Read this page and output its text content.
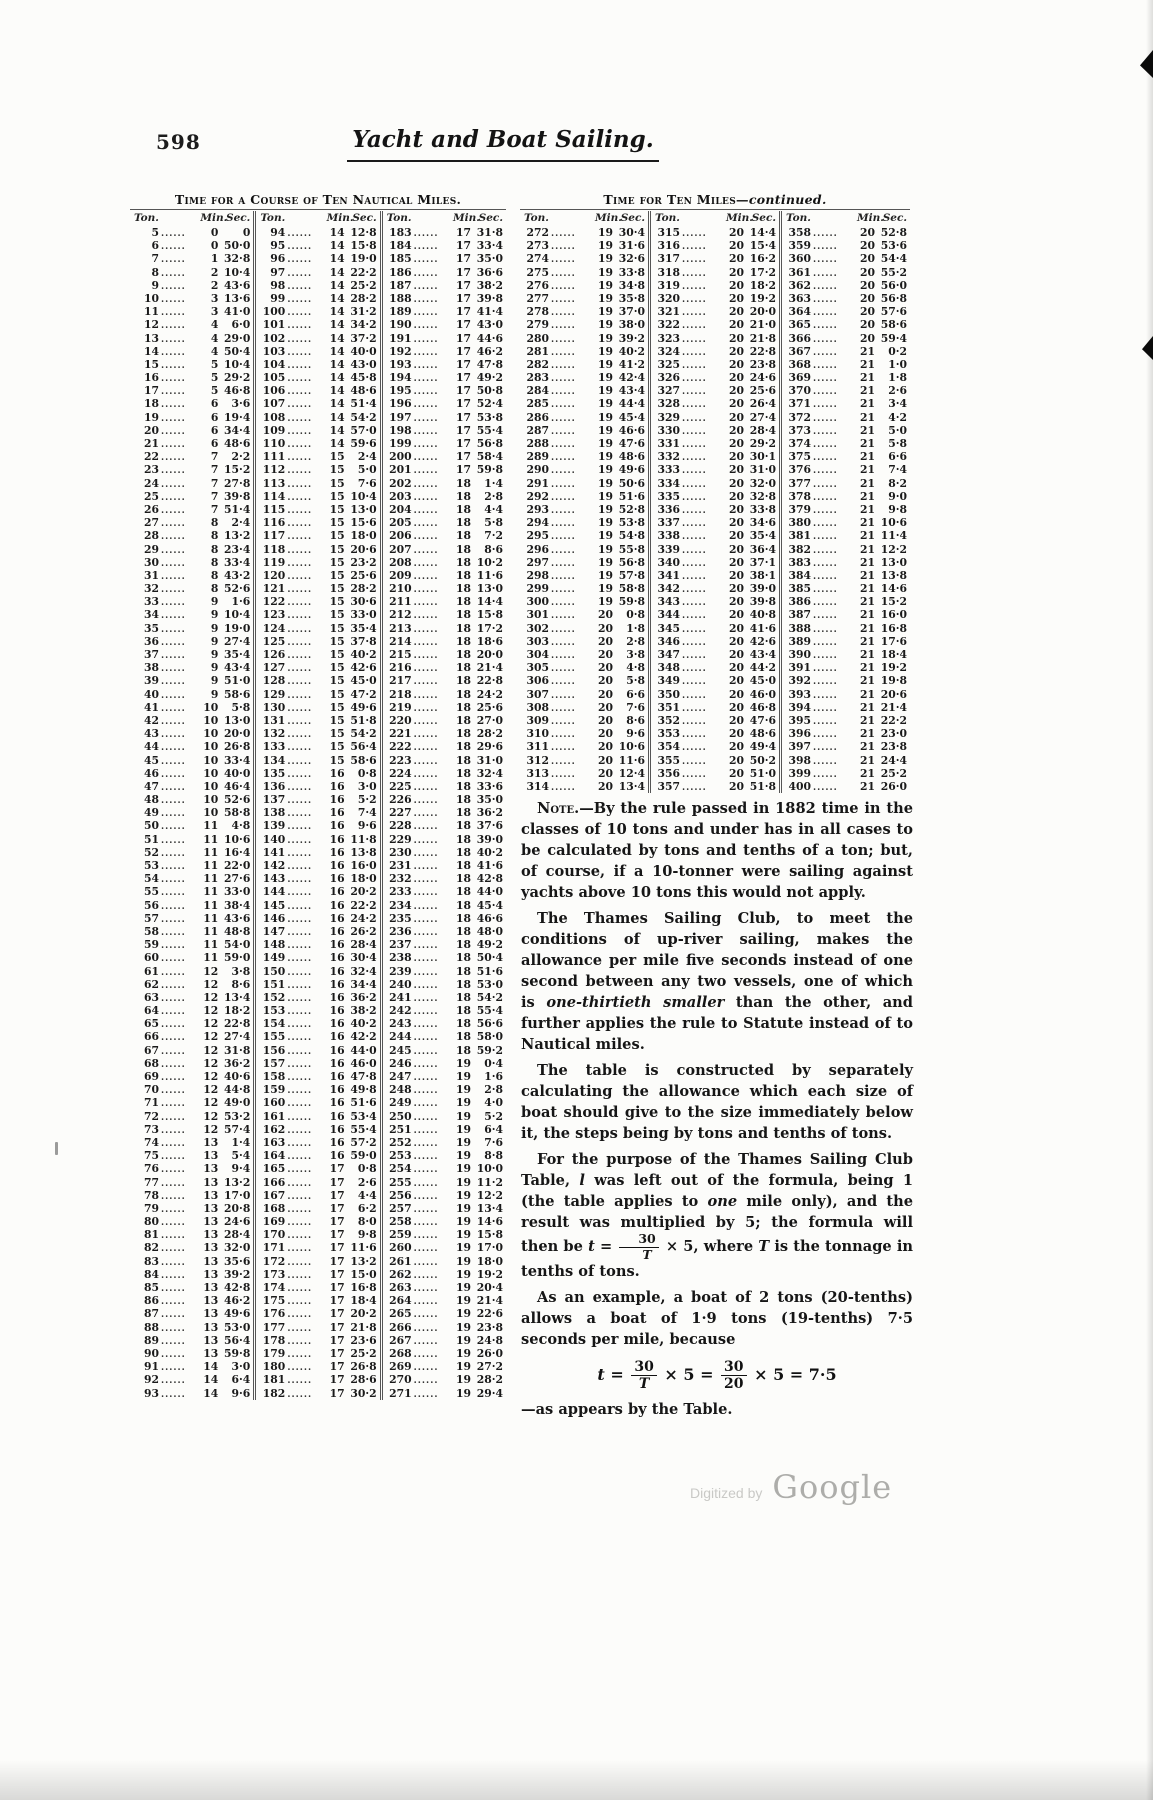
598	Yacht and Boat Sailing.
Time for a Course of Ten Nautical Miles.
Ton.	Min.
Sec.
5 ......	0	0
6 ......	0 50·0
7 ......	1 32·8
8 ......	2 10·4
9 ......	2 43·6
10 ......	3 13·6
11 ......	3 41·0
12 ......	4	6·0
13 ......	4 29·0
14 ......	4 50·4
15 ......	5 10·4
16 ......	5 29·2
17 ......	5 46·8
18 ......	6	3·6
19 ......	6 19·4
20 ......	6 34·4
21 ......	6 48·6
22 ......	7	2·2
23 ......	7 15·2
24 ......	7 27·8
25 ......	7 39·8
26 ......	7 51·4
27 ......	8	2·4
28 ......	8 13·2
29 ......	8 23·4
30 ......	8 33·4
31 ......	8 43·2
32 ......	8 52·6
33 ......	9	1·6
34 ......	9 10·4
35 ......	9 19·0
36 ......	9 27·4
37 ......	9 35·4
38 ......	9 43·4
39 ......	9 51·0
40 ......	9 58·6
41 ......	10	5·8
42 ......	10 13·0
43 ......	10 20·0
44 ......	10 26·8
45 ......	10 33·4
46 ......	10 40·0
47 ......	10 46·4
48 ......	10 52·6
49 ......	10 58·8
50 ......	11	4·8
51 ......	11 10·6
52 ......	11 16·4
53 ......	11 22·0
54 ......	11 27·6
55 ......	11 33·0
56 ......	11 38·4
57 ......	11 43·6
58 ......	11 48·8
59 ......	11 54·0
60 ......	11 59·0
61 ......	12	3·8
62 ......	12	8·6
63 ......	12 13·4
64 ......	12 18·2
65 ......	12 22·8
66 ......	12 27·4
67 ......	12 31·8
68 ......	12 36·2
69 ......	12 40·6
70 ......	12 44·8
71 ......	12 49·0
72 ......	12 53·2
73 ......	12 57·4
74 ......	13	1·4
75 ......	13	5·4
76 ......	13	9·4
77 ......	13 13·2
78 ......	13 17·0
79 ......	13 20·8
80 ......	13 24·6
81 ......	13 28·4
82 ......	13 32·0
83 ......	13 35·6
84 ......	13 39·2
85 ......	13 42·8
86 ......	13 46·2
87 ......	13 49·6
88 ......	13 53·0
89 ......	13 56·4
90 ......	13 59·8
91 ......	14	3·0
92 ......	14	6·4
93 ......	14	9·6
Ton.	Min.
Sec.
94 ......	14 12·8
95 ......	14 15·8
96 ......	14 19·0
97 ......	14 22·2
98 ......	14 25·2
99 ......	14 28·2
100 ......	14 31·2
101 ......	14 34·2
102 ......	14 37·2
103 ......	14 40·0
104 ......	14 43·0
105 ......	14 45·8
106 ......	14 48·6
107 ......	14 51·4
108 ......	14 54·2
109 ......	14 57·0
110 ......	14 59·6
111 ......	15	2·4
112 ......	15	5·0
113 ......	15	7·6
114 ......	15 10·4
115 ......	15 13·0
116 ......	15 15·6
117 ......	15 18·0
118 ......	15 20·6
119 ......	15 23·2
120 ......	15 25·6
121 ......	15 28·2
122 ......	15 30·6
123 ......	15 33·0
124 ......	15 35·4
125 ......	15 37·8
126 ......	15 40·2
127 ......	15 42·6
128 ......	15 45·0
129 ......	15 47·2
130 ......	15 49·6
131 ......	15 51·8
132 ......	15 54·2
133 ......	15 56·4
134 ......	15 58·6
135 ......	16	0·8
136 ......	16	3·0
137 ......	16	5·2
138 ......	16	7·4
139 ......	16	9·6
140 ......	16 11·8
141 ......	16 13·8
142 ......	16 16·0
143 ......	16 18·0
144 ......	16 20·2
145 ......	16 22·2
146 ......	16 24·2
147 ......	16 26·2
148 ......	16 28·4
149 ......	16 30·4
150 ......	16 32·4
151 ......	16 34·4
152 ......	16 36·2
153 ......	16 38·2
154 ......	16 40·2
155 ......	16 42·2
156 ......	16 44·0
157 ......	16 46·0
158 ......	16 47·8
159 ......	16 49·8
160 ......	16 51·6
161 ......	16 53·4
162 ......	16 55·4
163 ......	16 57·2
164 ......	16 59·0
165 ......	17	0·8
166 ......	17	2·6
167 ......	17	4·4
168 ......	17	6·2
169 ......	17	8·0
170 ......	17	9·8
171 ......	17 11·6
172 ......	17 13·2
173 ......	17 15·0
174 ......	17 16·8
175 ......	17 18·4
176 ......	17 20·2
177 ......	17 21·8
178 ......	17 23·6
179 ......	17 25·2
180 ......	17 26·8
181 ......	17 28·6
182 ......	17 30·2
Ton.	Min.
Sec.
183 ......	17 31·8
184 ......	17 33·4
185 ......	17 35·0
186 ......	17 36·6
187 ......	17 38·2
188 ......	17 39·8
189 ......	17 41·4
190 ......	17 43·0
191 ......	17 44·6
192 ......	17 46·2
193 ......	17 47·8
194 ......	17 49·2
195 ......	17 50·8
196 ......	17 52·4
197 ......	17 53·8
198 ......	17 55·4
199 ......	17 56·8
200 ......	17 58·4
201 ......	17 59·8
202 ......	18	1·4
203 ......	18	2·8
204 ......	18	4·4
205 ......	18	5·8
206 ......	18	7·2
207 ......	18	8·6
208 ......	18 10·2
209 ......	18 11·6
210 ......	18 13·0
211 ......	18 14·4
212 ......	18 15·8
213 ......	18 17·2
214 ......	18 18·6
215 ......	18 20·0
216 ......	18 21·4
217 ......	18 22·8
218 ......	18 24·2
219 ......	18 25·6
220 ......	18 27·0
221 ......	18 28·2
222 ......	18 29·6
223 ......	18 31·0
224 ......	18 32·4
225 ......	18 33·6
226 ......	18 35·0
227 ......	18 36·2
228 ......	18 37·6
229 ......	18 39·0
230 ......	18 40·2
231 ......	18 41·6
232 ......	18 42·8
233 ......	18 44·0
234 ......	18 45·4
235 ......	18 46·6
236 ......	18 48·0
237 ......	18 49·2
238 ......	18 50·4
239 ......	18 51·6
240 ......	18 53·0
241 ......	18 54·2
242 ......	18 55·4
243 ......	18 56·6
244 ......	18 58·0
245 ......	18 59·2
246 ......	19	0·4
247 ......	19	1·6
248 ......	19	2·8
249 ......	19	4·0
250 ......	19	5·2
251 ......	19	6·4
252 ......	19	7·6
253 ......	19	8·8
254 ......	19 10·0
255 ......	19 11·2
256 ......	19 12·2
257 ......	19 13·4
258 ......	19 14·6
259 ......	19 15·8
260 ......	19 17·0
261 ......	19 18·0
262 ......	19 19·2
263 ......	19 20·4
264 ......	19 21·4
265 ......	19 22·6
266 ......	19 23·8
267 ......	19 24·8
268 ......	19 26·0
269 ......	19 27·2
270 ......	19 28·2
271 ......	19 29·4
Time for Ten Miles—continued.
Ton.	Min.
Sec.
272 ......	19 30·4
273 ......	19 31·6
274 ......	19 32·6
275 ......	19 33·8
276 ......	19 34·8
277 ......	19 35·8
278 ......	19 37·0
279 ......	19 38·0
280 ......	19 39·2
281 ......	19 40·2
282 ......	19 41·2
283 ......	19 42·4
284 ......	19 43·4
285 ......	19 44·4
286 ......	19 45·4
287 ......	19 46·6
288 ......	19 47·6
289 ......	19 48·6
290 ......	19 49·6
291 ......	19 50·6
292 ......	19 51·6
293 ......	19 52·8
294 ......	19 53·8
295 ......	19 54·8
296 ......	19 55·8
297 ......	19 56·8
298 ......	19 57·8
299 ......	19 58·8
300 ......	19 59·8
301 ......	20	0·8
302 ......	20	1·8
303 ......	20	2·8
304 ......	20	3·8
305 ......	20	4·8
306 ......	20	5·8
307 ......	20	6·6
308 ......	20	7·6
309 ......	20	8·6
310 ......	20	9·6
311 ......	20 10·6
312 ......	20 11·6
313 ......	20 12·4
314 ......	20 13·4
Ton.	Min.
Sec.
315 ......	20 14·4
316 ......	20 15·4
317 ......	20 16·2
318 ......	20 17·2
319 ......	20 18·2
320 ......	20 19·2
321 ......	20 20·0
322 ......	20 21·0
323 ......	20 21·8
324 ......	20 22·8
325 ......	20 23·8
326 ......	20 24·6
327 ......	20 25·6
328 ......	20 26·4
329 ......	20 27·4
330 ......	20 28·4
331 ......	20 29·2
332 ......	20 30·1
333 ......	20 31·0
334 ......	20 32·0
335 ......	20 32·8
336 ......	20 33·8
337 ......	20 34·6
338 ......	20 35·4
339 ......	20 36·4
340 ......	20 37·1
341 ......	20 38·1
342 ......	20 39·0
343 ......	20 39·8
344 ......	20 40·8
345 ......	20 41·6
346 ......	20 42·6
347 ......	20 43·4
348 ......	20 44·2
349 ......	20 45·0
350 ......	20 46·0
351 ......	20 46·8
352 ......	20 47·6
353 ......	20 48·6
354 ......	20 49·4
355 ......	20 50·2
356 ......	20 51·0
357 ......	20 51·8
Ton.	Min.
Sec.
358 ......	20 52·8
359 ......	20 53·6
360 ......	20 54·4
361 ......	20 55·2
362 ......	20 56·0
363 ......	20 56·8
364 ......	20 57·6
365 ......	20 58·6
366 ......	20 59·4
367 ......	21	0·2
368 ......	21	1·0
369 ......	21	1·8
370 ......	21	2·6
371 ......	21	3·4
372 ......	21	4·2
373 ......	21	5·0
374 ......	21	5·8
375 ......	21	6·6
376 ......	21	7·4
377 ......	21	8·2
378 ......	21	9·0
379 ......	21	9·8
380 ......	21 10·6
381 ......	21 11·4
382 ......	21 12·2
383 ......	21 13·0
384 ......	21 13·8
385 ......	21 14·6
386 ......	21 15·2
387 ......	21 16·0
388 ......	21 16·8
389 ......	21 17·6
390 ......	21 18·4
391 ......	21 19·2
392 ......	21 19·8
393 ......	21 20·6
394 ......	21 21·4
395 ......	21 22·2
396 ......	21 23·0
397 ......	21 23·8
398 ......	21 24·4
399 ......	21 25·2
400 ......	21 26·0

Note.—By the rule passed in 1882 time in the classes of 10 tons and under has in all cases to be calculated by tons and tenths of a ton; but, of course, if a 10-tonner were sailing against yachts above 10 tons this would not apply.

The Thames Sailing Club, to meet the conditions of up-river sailing, makes the allowance per mile five seconds instead of one second between any two vessels, one of which is one-thirtieth smaller than the other, and further applies the rule to Statute instead of to Nautical miles.

The table is constructed by separately calculating the allowance which each size of boat should give to the size immediately below it, the steps being by tons and tenths of tons.

For the purpose of the Thames Sailing Club Table, l was left out of the formula, being 1 (the table applies to one mile only), and the result was multiplied by 5; the formula will then be $t = \frac{30}{T} \times 5$, where T is the tonnage in tenths of tons.

As an example, a boat of 2 tons (20-tenths) allows a boat of 1·9 tons (19-tenths) 7·5 seconds per mile, because

$t = \frac{30}{T} \times 5 = \frac{30}{20} \times 5 = 7\cdot 5$

—as appears by the Table.

Digitized by Google
